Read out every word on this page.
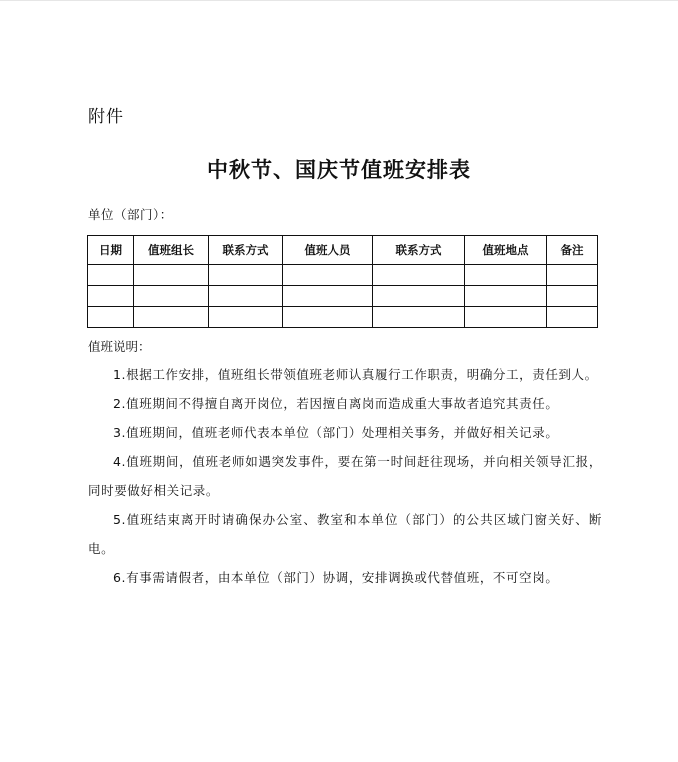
附件
中秋节、国庆节值班安排表
单位（部门）：
日期	值班组长	联系方式	值班人员	联系方式	值班地点	备注

值班说明：

1.根据工作安排，值班组长带领值班老师认真履行工作职责，明确分工，责任到人。

2.值班期间不得擅自离开岗位，若因擅自离岗而造成重大事故者追究其责任。

3.值班期间，值班老师代表本单位（部门）处理相关事务，并做好相关记录。

4.值班期间，值班老师如遇突发事件，要在第一时间赶往现场，并向相关领导汇报，同时要做好相关记录。

5.值班结束离开时请确保办公室、教室和本单位（部门）的公共区域门窗关好、断电。

6.有事需请假者，由本单位（部门）协调，安排调换或代替值班，不可空岗。
